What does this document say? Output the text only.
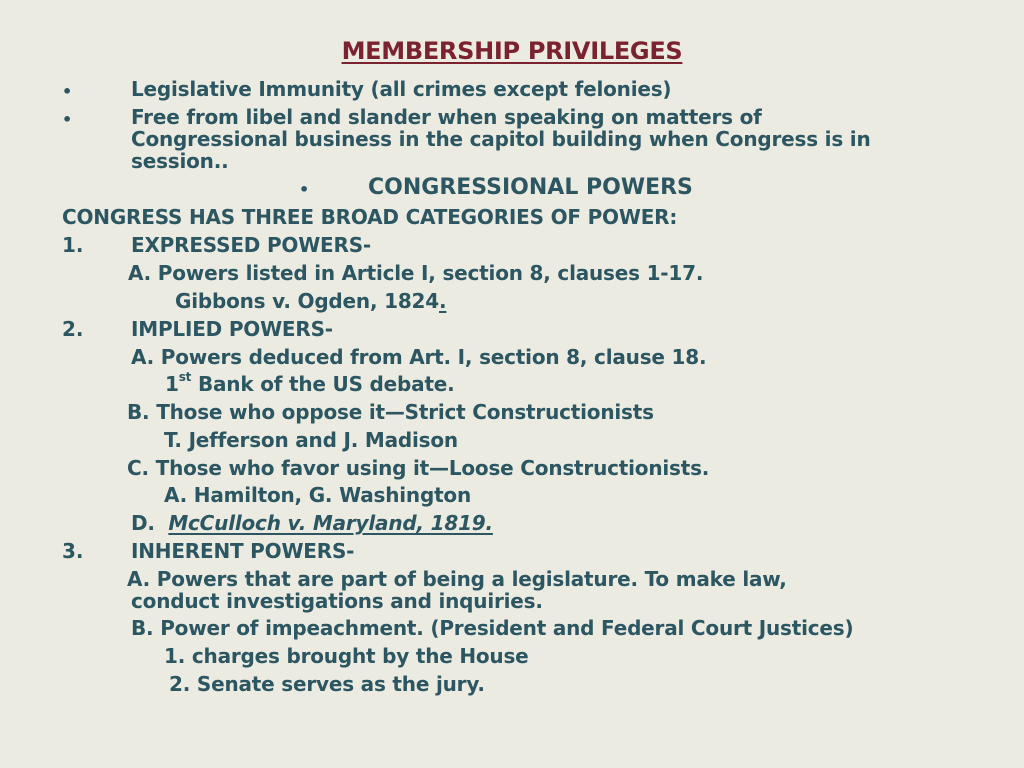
MEMBERSHIP PRIVILEGES
•	Legislative Immunity (all crimes except felonies)
•	Free from libel and slander when speaking on matters of
Congressional business in the capitol building when Congress is in
session..
•	CONGRESSIONAL POWERS
CONGRESS HAS THREE BROAD CATEGORIES OF POWER:
1. EXPRESSED POWERS-
A. Powers listed in Article I, section 8, clauses 1-17.
Gibbons v. Ogden, 1824.
2. IMPLIED POWERS-
A. Powers deduced from Art. I, section 8, clause 18.
1st Bank of the US debate.
B. Those who oppose it—Strict Constructionists
T. Jefferson and J. Madison
C. Those who favor using it—Loose Constructionists.
A. Hamilton, G. Washington
D.  McCulloch v. Maryland, 1819.
3. INHERENT POWERS-
A. Powers that are part of being a legislature. To make law,
conduct investigations and inquiries.
B. Power of impeachment. (President and Federal Court Justices)
1. charges brought by the House
2. Senate serves as the jury.
